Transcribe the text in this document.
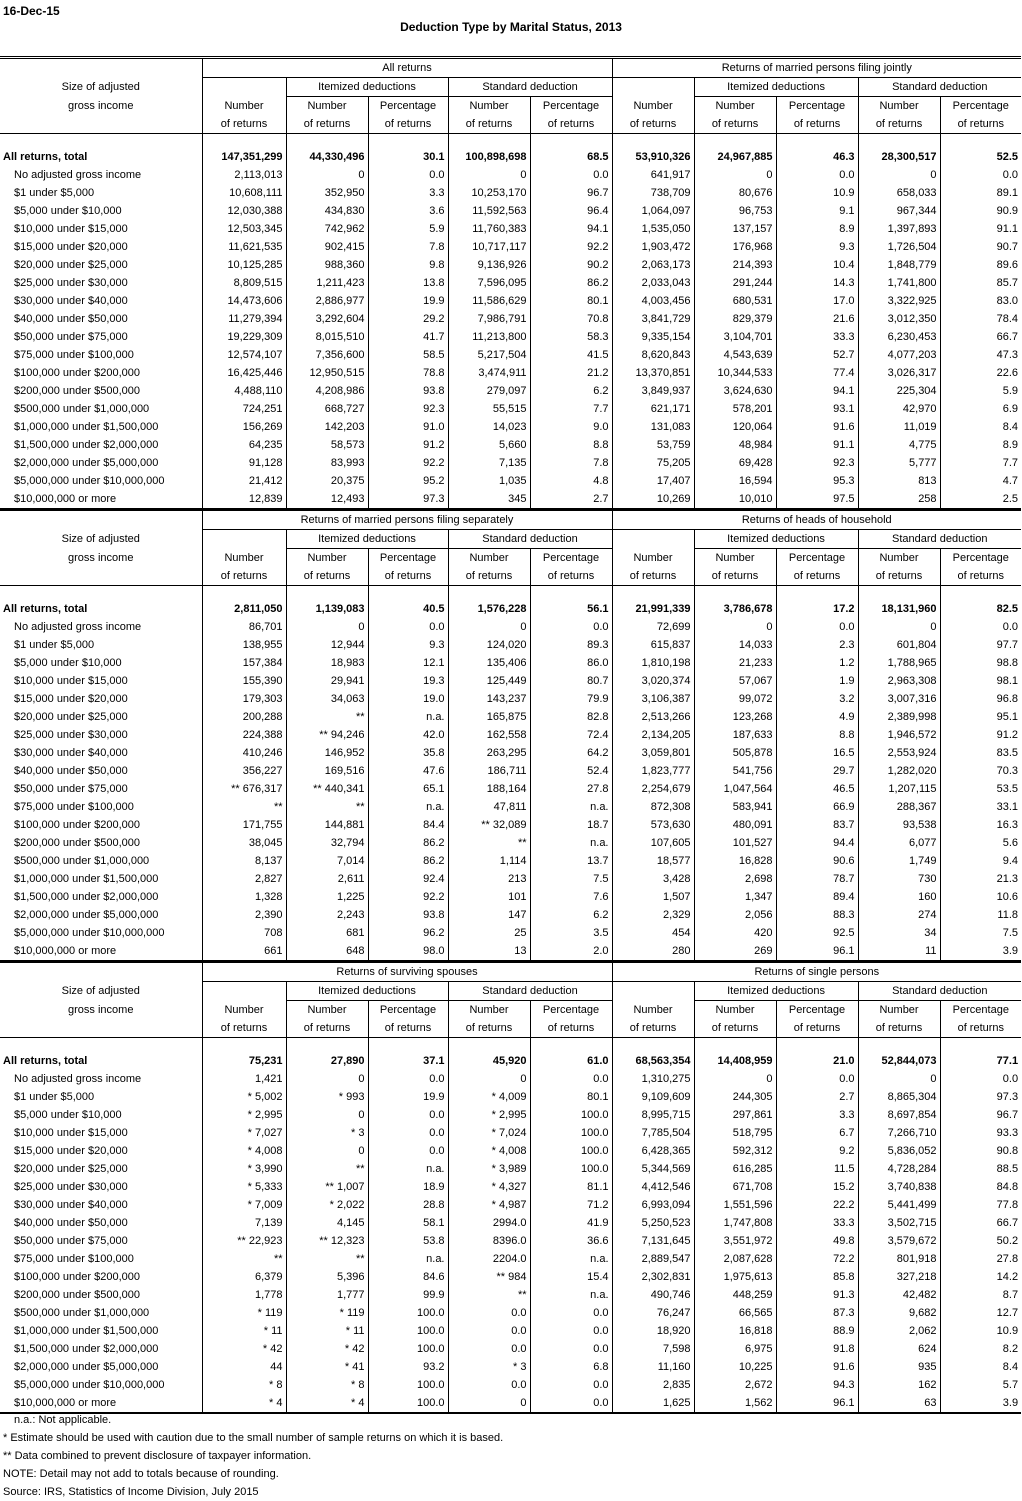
16-Dec-15
Deduction Type by Marital Status, 2013
	All returns					Returns of married persons filing jointly				
Size of adjusted		Itemized deductions		Standard deduction			Itemized deductions		Standard deduction	
gross income	Number	Number	Percentage	Number	Percentage	Number	Number	Percentage	Number	Percentage
	of returns	of returns	of returns	of returns	of returns	of returns	of returns	of returns	of returns	of returns

All returns, total	147,351,299	44,330,496	30.1	100,898,698	68.5	53,910,326	24,967,885	46.3	28,300,517	52.5
No adjusted gross income	2,113,013	0	0.0	0	0.0	641,917	0	0.0	0	0.0
$1 under $5,000	10,608,111	352,950	3.3	10,253,170	96.7	738,709	80,676	10.9	658,033	89.1
$5,000 under $10,000	12,030,388	434,830	3.6	11,592,563	96.4	1,064,097	96,753	9.1	967,344	90.9
$10,000 under $15,000	12,503,345	742,962	5.9	11,760,383	94.1	1,535,050	137,157	8.9	1,397,893	91.1
$15,000 under $20,000	11,621,535	902,415	7.8	10,717,117	92.2	1,903,472	176,968	9.3	1,726,504	90.7
$20,000 under $25,000	10,125,285	988,360	9.8	9,136,926	90.2	2,063,173	214,393	10.4	1,848,779	89.6
$25,000 under $30,000	8,809,515	1,211,423	13.8	7,596,095	86.2	2,033,043	291,244	14.3	1,741,800	85.7
$30,000 under $40,000	14,473,606	2,886,977	19.9	11,586,629	80.1	4,003,456	680,531	17.0	3,322,925	83.0
$40,000 under $50,000	11,279,394	3,292,604	29.2	7,986,791	70.8	3,841,729	829,379	21.6	3,012,350	78.4
$50,000 under $75,000	19,229,309	8,015,510	41.7	11,213,800	58.3	9,335,154	3,104,701	33.3	6,230,453	66.7
$75,000 under $100,000	12,574,107	7,356,600	58.5	5,217,504	41.5	8,620,843	4,543,639	52.7	4,077,203	47.3
$100,000 under $200,000	16,425,446	12,950,515	78.8	3,474,911	21.2	13,370,851	10,344,533	77.4	3,026,317	22.6
$200,000 under $500,000	4,488,110	4,208,986	93.8	279,097	6.2	3,849,937	3,624,630	94.1	225,304	5.9
$500,000 under $1,000,000	724,251	668,727	92.3	55,515	7.7	621,171	578,201	93.1	42,970	6.9
$1,000,000 under $1,500,000	156,269	142,203	91.0	14,023	9.0	131,083	120,064	91.6	11,019	8.4
$1,500,000 under $2,000,000	64,235	58,573	91.2	5,660	8.8	53,759	48,984	91.1	4,775	8.9
$2,000,000 under $5,000,000	91,128	83,993	92.2	7,135	7.8	75,205	69,428	92.3	5,777	7.7
$5,000,000 under $10,000,000	21,412	20,375	95.2	1,035	4.8	17,407	16,594	95.3	813	4.7
$10,000,000 or more	12,839	12,493	97.3	345	2.7	10,269	10,010	97.5	258	2.5
	Returns of married persons filing separately					Returns of heads of household				
Size of adjusted		Itemized deductions		Standard deduction			Itemized deductions		Standard deduction	
gross income	Number	Number	Percentage	Number	Percentage	Number	Number	Percentage	Number	Percentage
	of returns	of returns	of returns	of returns	of returns	of returns	of returns	of returns	of returns	of returns

All returns, total	2,811,050	1,139,083	40.5	1,576,228	56.1	21,991,339	3,786,678	17.2	18,131,960	82.5
No adjusted gross income	86,701	0	0.0	0	0.0	72,699	0	0.0	0	0.0
$1 under $5,000	138,955	12,944	9.3	124,020	89.3	615,837	14,033	2.3	601,804	97.7
$5,000 under $10,000	157,384	18,983	12.1	135,406	86.0	1,810,198	21,233	1.2	1,788,965	98.8
$10,000 under $15,000	155,390	29,941	19.3	125,449	80.7	3,020,374	57,067	1.9	2,963,308	98.1
$15,000 under $20,000	179,303	34,063	19.0	143,237	79.9	3,106,387	99,072	3.2	3,007,316	96.8
$20,000 under $25,000	200,288	**	n.a.	165,875	82.8	2,513,266	123,268	4.9	2,389,998	95.1
$25,000 under $30,000	224,388	** 94,246	42.0	162,558	72.4	2,134,205	187,633	8.8	1,946,572	91.2
$30,000 under $40,000	410,246	146,952	35.8	263,295	64.2	3,059,801	505,878	16.5	2,553,924	83.5
$40,000 under $50,000	356,227	169,516	47.6	186,711	52.4	1,823,777	541,756	29.7	1,282,020	70.3
$50,000 under $75,000	** 676,317	** 440,341	65.1	188,164	27.8	2,254,679	1,047,564	46.5	1,207,115	53.5
$75,000 under $100,000	**	**	n.a.	47,811	n.a.	872,308	583,941	66.9	288,367	33.1
$100,000 under $200,000	171,755	144,881	84.4	** 32,089	18.7	573,630	480,091	83.7	93,538	16.3
$200,000 under $500,000	38,045	32,794	86.2	**	n.a.	107,605	101,527	94.4	6,077	5.6
$500,000 under $1,000,000	8,137	7,014	86.2	1,114	13.7	18,577	16,828	90.6	1,749	9.4
$1,000,000 under $1,500,000	2,827	2,611	92.4	213	7.5	3,428	2,698	78.7	730	21.3
$1,500,000 under $2,000,000	1,328	1,225	92.2	101	7.6	1,507	1,347	89.4	160	10.6
$2,000,000 under $5,000,000	2,390	2,243	93.8	147	6.2	2,329	2,056	88.3	274	11.8
$5,000,000 under $10,000,000	708	681	96.2	25	3.5	454	420	92.5	34	7.5
$10,000,000 or more	661	648	98.0	13	2.0	280	269	96.1	11	3.9
	Returns of surviving spouses					Returns of single persons				
Size of adjusted		Itemized deductions		Standard deduction			Itemized deductions		Standard deduction	
gross income	Number	Number	Percentage	Number	Percentage	Number	Number	Percentage	Number	Percentage
	of returns	of returns	of returns	of returns	of returns	of returns	of returns	of returns	of returns	of returns

All returns, total	75,231	27,890	37.1	45,920	61.0	68,563,354	14,408,959	21.0	52,844,073	77.1
No adjusted gross income	1,421	0	0.0	0	0.0	1,310,275	0	0.0	0	0.0
$1 under $5,000	* 5,002	* 993	19.9	* 4,009	80.1	9,109,609	244,305	2.7	8,865,304	97.3
$5,000 under $10,000	* 2,995	0	0.0	* 2,995	100.0	8,995,715	297,861	3.3	8,697,854	96.7
$10,000 under $15,000	* 7,027	* 3	0.0	* 7,024	100.0	7,785,504	518,795	6.7	7,266,710	93.3
$15,000 under $20,000	* 4,008	0	0.0	* 4,008	100.0	6,428,365	592,312	9.2	5,836,052	90.8
$20,000 under $25,000	* 3,990	**	n.a.	* 3,989	100.0	5,344,569	616,285	11.5	4,728,284	88.5
$25,000 under $30,000	* 5,333	** 1,007	18.9	* 4,327	81.1	4,412,546	671,708	15.2	3,740,838	84.8
$30,000 under $40,000	* 7,009	* 2,022	28.8	* 4,987	71.2	6,993,094	1,551,596	22.2	5,441,499	77.8
$40,000 under $50,000	7,139	4,145	58.1	2994.0	41.9	5,250,523	1,747,808	33.3	3,502,715	66.7
$50,000 under $75,000	** 22,923	** 12,323	53.8	8396.0	36.6	7,131,645	3,551,972	49.8	3,579,672	50.2
$75,000 under $100,000	**	**	n.a.	2204.0	n.a.	2,889,547	2,087,628	72.2	801,918	27.8
$100,000 under $200,000	6,379	5,396	84.6	** 984	15.4	2,302,831	1,975,613	85.8	327,218	14.2
$200,000 under $500,000	1,778	1,777	99.9	**	n.a.	490,746	448,259	91.3	42,482	8.7
$500,000 under $1,000,000	* 119	* 119	100.0	0.0	0.0	76,247	66,565	87.3	9,682	12.7
$1,000,000 under $1,500,000	* 11	* 11	100.0	0.0	0.0	18,920	16,818	88.9	2,062	10.9
$1,500,000 under $2,000,000	* 42	* 42	100.0	0.0	0.0	7,598	6,975	91.8	624	8.2
$2,000,000 under $5,000,000	44	* 41	93.2	* 3	6.8	11,160	10,225	91.6	935	8.4
$5,000,000 under $10,000,000	* 8	* 8	100.0	0.0	0.0	2,835	2,672	94.3	162	5.7
$10,000,000 or more	* 4	* 4	100.0	0	0.0	1,625	1,562	96.1	63	3.9
n.a.: Not applicable.
* Estimate should be used with caution due to the small number of sample returns on which it is based.
** Data combined to prevent disclosure of taxpayer information.
NOTE: Detail may not add to totals because of rounding.
Source: IRS, Statistics of Income Division, July 2015
